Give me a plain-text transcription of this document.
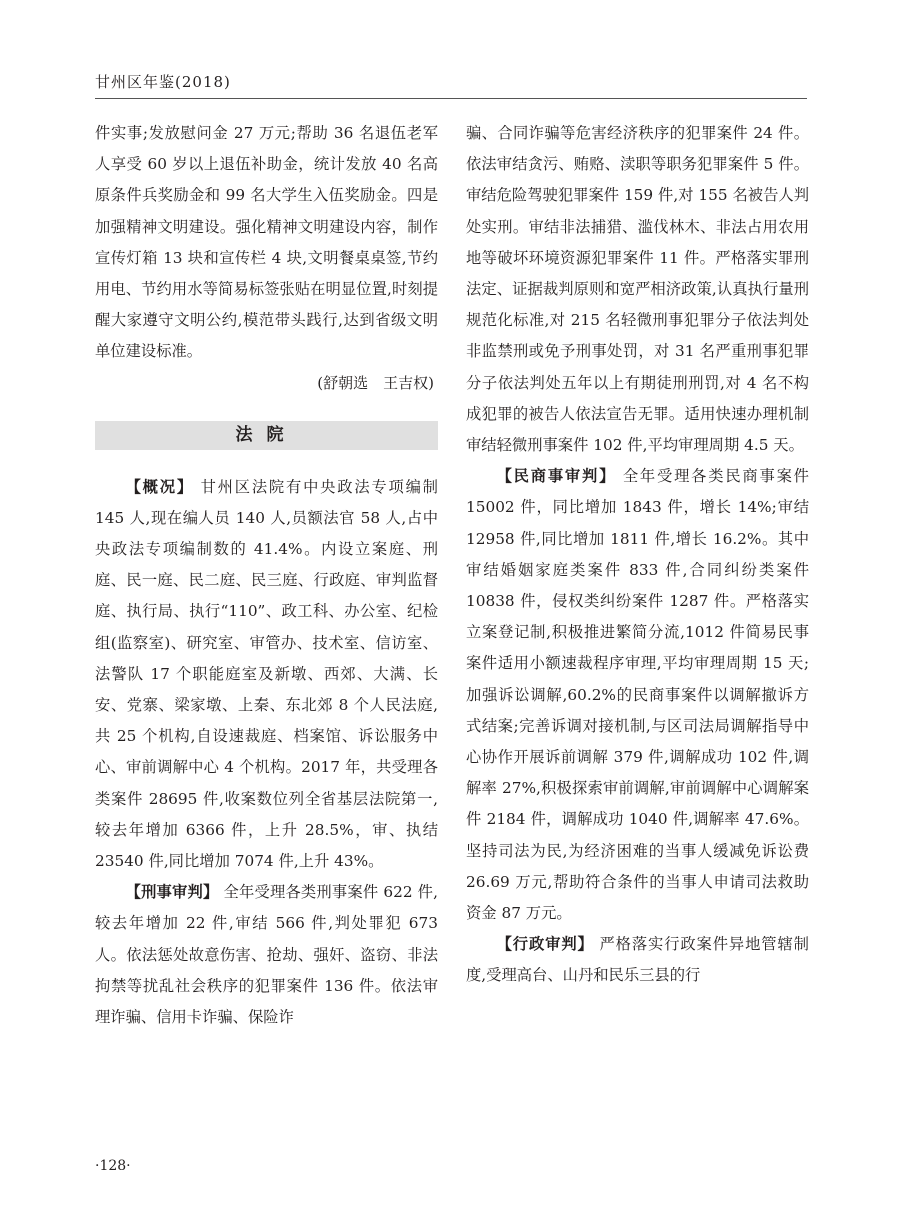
甘州区年鉴(2018)

件实事;发放慰问金 27 万元;帮助 36 名退伍老军人享受 60 岁以上退伍补助金，统计发放 40 名高原条件兵奖励金和 99 名大学生入伍奖励金。四是加强精神文明建设。强化精神文明建设内容，制作宣传灯箱 13 块和宣传栏 4 块,文明餐桌桌签,节约用电、节约用水等简易标签张贴在明显位置,时刻提醒大家遵守文明公约,模范带头践行,达到省级文明单位建设标准。

(舒朝选　王吉权)

法院

【概况】 甘州区法院有中央政法专项编制 145 人,现在编人员 140 人,员额法官 58 人,占中央政法专项编制数的 41.4%。内设立案庭、刑庭、民一庭、民二庭、民三庭、行政庭、审判监督庭、执行局、执行“110”、政工科、办公室、纪检组(监察室)、研究室、审管办、技术室、信访室、法警队 17 个职能庭室及新墩、西郊、大满、长安、党寨、梁家墩、上秦、东北郊 8 个人民法庭,共 25 个机构,自设速裁庭、档案馆、诉讼服务中心、审前调解中心 4 个机构。2017 年，共受理各类案件 28695 件,收案数位列全省基层法院第一,较去年增加 6366 件，上升 28.5%，审、执结 23540 件,同比增加 7074 件,上升 43%。

【刑事审判】 全年受理各类刑事案件 622 件,较去年增加 22 件,审结 566 件,判处罪犯 673 人。依法惩处故意伤害、抢劫、强奸、盗窃、非法拘禁等扰乱社会秩序的犯罪案件 136 件。依法审理诈骗、信用卡诈骗、保险诈

骗、合同诈骗等危害经济秩序的犯罪案件 24 件。依法审结贪污、贿赂、渎职等职务犯罪案件 5 件。审结危险驾驶犯罪案件 159 件,对 155 名被告人判处实刑。审结非法捕猎、滥伐林木、非法占用农用地等破坏环境资源犯罪案件 11 件。严格落实罪刑法定、证据裁判原则和宽严相济政策,认真执行量刑规范化标准,对 215 名轻微刑事犯罪分子依法判处非监禁刑或免予刑事处罚，对 31 名严重刑事犯罪分子依法判处五年以上有期徒刑刑罚,对 4 名不构成犯罪的被告人依法宣告无罪。适用快速办理机制审结轻微刑事案件 102 件,平均审理周期 4.5 天。

【民商事审判】 全年受理各类民商事案件 15002 件，同比增加 1843 件，增长 14%;审结 12958 件,同比增加 1811 件,增长 16.2%。其中审结婚姻家庭类案件 833 件,合同纠纷类案件 10838 件，侵权类纠纷案件 1287 件。严格落实立案登记制,积极推进繁简分流,1012 件简易民事案件适用小额速裁程序审理,平均审理周期 15 天;加强诉讼调解,60.2%的民商事案件以调解撤诉方式结案;完善诉调对接机制,与区司法局调解指导中心协作开展诉前调解 379 件,调解成功 102 件,调解率 27%,积极探索审前调解,审前调解中心调解案件 2184 件，调解成功 1040 件,调解率 47.6%。坚持司法为民,为经济困难的当事人缓减免诉讼费 26.69 万元,帮助符合条件的当事人申请司法救助资金 87 万元。

【行政审判】 严格落实行政案件异地管辖制度,受理高台、山丹和民乐三县的行

·128·
